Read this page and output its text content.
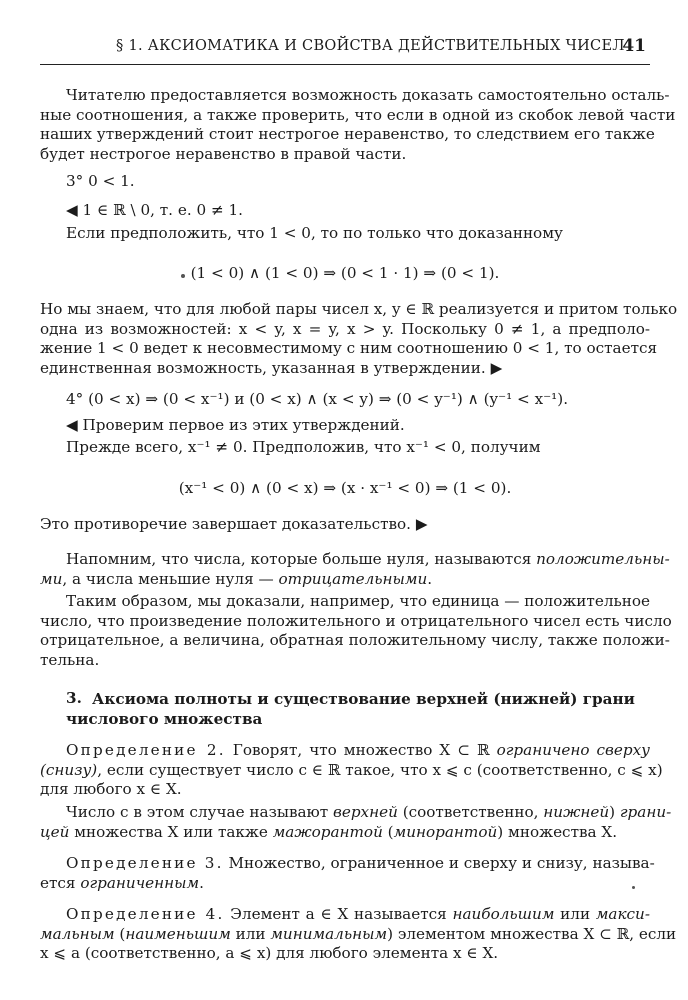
§ 1. АКСИОМАТИКА И СВОЙСТВА ДЕЙСТВИТЕЛЬНЫХ ЧИСЕЛ
41
Читателю предоставляется возможность доказать самостоятельно осталь-
ные соотношения, а также проверить, что если в одной из скобок левой части
наших утверждений стоит нестрогое неравенство, то следствием его также
будет нестрогое неравенство в правой части.
3° 0 < 1.
◀ 1 ∈ ℝ \ 0, т. е. 0 ≠ 1.
Если предположить, что 1 < 0, то по только что доказанному
(1 < 0) ∧ (1 < 0) ⇒ (0 < 1 · 1) ⇒ (0 < 1).
Но мы знаем, что для любой пары чисел x, y ∈ ℝ реализуется и притом только
одна из возможностей: x < y, x = y, x > y. Поскольку 0 ≠ 1, а предполо-
жение 1 < 0 ведет к несовместимому с ним соотношению 0 < 1, то остается
единственная возможность, указанная в утверждении. ▶
4° (0 < x) ⇒ (0 < x⁻¹) и (0 < x) ∧ (x < y) ⇒ (0 < y⁻¹) ∧ (y⁻¹ < x⁻¹).
◀ Проверим первое из этих утверждений.
Прежде всего, x⁻¹ ≠ 0. Предположив, что x⁻¹ < 0, получим
(x⁻¹ < 0) ∧ (0 < x) ⇒ (x · x⁻¹ < 0) ⇒ (1 < 0).
Это противоречие завершает доказательство. ▶
Напомним, что числа, которые больше нуля, называются положительны-
ми, а числа меньшие нуля — отрицательными.
Таким образом, мы доказали, например, что единица — положительное
число, что произведение положительного и отрицательного чисел есть число
отрицательное, а величина, обратная положительному числу, также положи-
тельна.
3. Аксиома полноты и существование верхней (нижней) грани
числового множества
Определение 2. Говорят, что множество X ⊂ ℝ ограничено сверху
(снизу), если существует число c ∈ ℝ такое, что x ⩽ c (соответственно, c ⩽ x)
для любого x ∈ X.
Число c в этом случае называют верхней (соответственно, нижней) грани-
цей множества X или также мажорантой (минорантой) множества X.
Определение 3. Множество, ограниченное и сверху и снизу, называ-
ется ограниченным.
Определение 4. Элемент a ∈ X называется наибольшим или макси-
мальным (наименьшим или минимальным) элементом множества X ⊂ ℝ, если
x ⩽ a (соответственно, a ⩽ x) для любого элемента x ∈ X.
